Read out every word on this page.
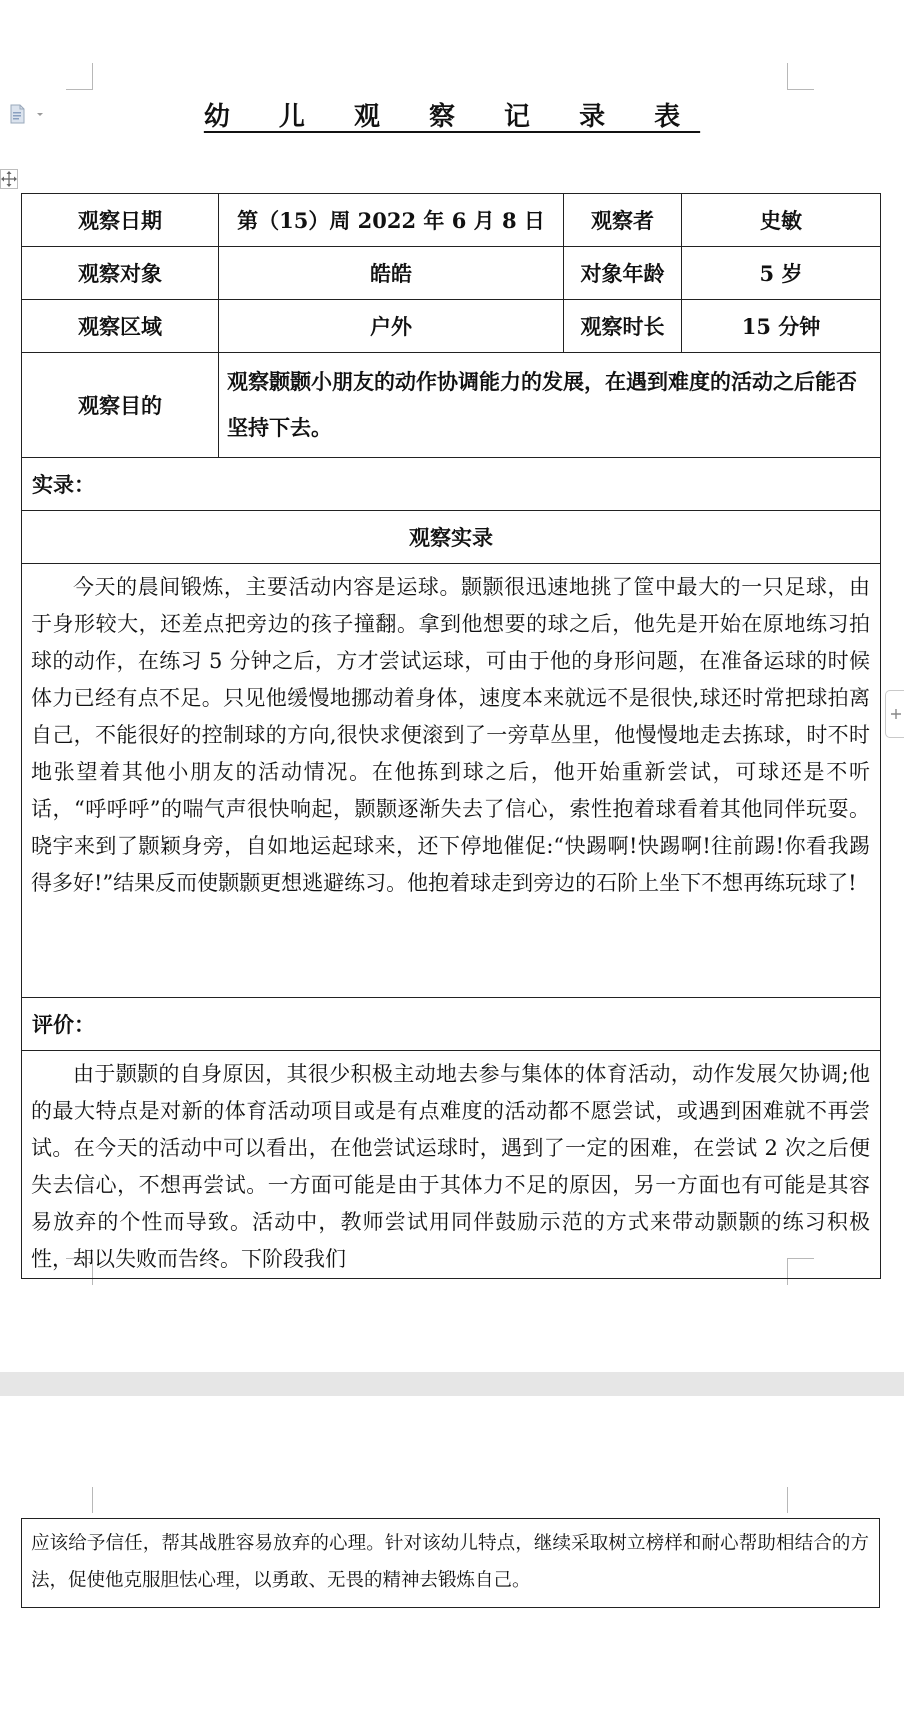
幼 儿 观 察 记 录 表
观察日期	第（15）周 2022 年 6 月 8 日	观察者	史敏
观察对象	皓皓	对象年龄	5 岁
观察区域	户外	观察时长	15 分钟
观察目的	观察颢颢小朋友的动作协调能力的发展，在遇到难度的活动之后能否坚持下去。		
实录：			
观察实录			
今天的晨间锻炼，主要活动内容是运球。颢颢很迅速地挑了筐中最大的一只足球，由于身形较大，还差点把旁边的孩子撞翻。拿到他想要的球之后，他先是开始在原地练习拍球的动作，在练习 5 分钟之后，方才尝试运球，可由于他的身形问题，在准备运球的时候体力已经有点不足。只见他缓慢地挪动着身体，速度本来就远不是很快,球还时常把球拍离自己，不能很好的控制球的方向,很快求便滚到了一旁草丛里，他慢慢地走去拣球，时不时地张望着其他小朋友的活动情况。在他拣到球之后，他开始重新尝试，可球还是不听话，“呼呼呼”的喘气声很快响起，颢颢逐渐失去了信心，索性抱着球看着其他同伴玩耍。晓宇来到了颢颖身旁，自如地运起球来，还下停地催促:“快踢啊!快踢啊!往前踢!你看我踢得多好!”结果反而使颢颢更想逃避练习。他抱着球走到旁边的石阶上坐下不想再练玩球了!			
评价：			
由于颢颢的自身原因，其很少积极主动地去参与集体的体育活动，动作发展欠协调;他的最大特点是对新的体育活动项目或是有点难度的活动都不愿尝试，或遇到困难就不再尝试。在今天的活动中可以看出，在他尝试运球时，遇到了一定的困难，在尝试 2 次之后便失去信心，不想再尝试。一方面可能是由于其体力不足的原因，另一方面也有可能是其容易放弃的个性而导致。活动中，教师尝试用同伴鼓励示范的方式来带动颢颢的练习积极性，却以失败而告终。下阶段我们			
应该给予信任，帮其战胜容易放弃的心理。针对该幼儿特点，继续采取树立榜样和耐心帮助相结合的方法，促使他克服胆怯心理，以勇敢、无畏的精神去锻炼自己。
